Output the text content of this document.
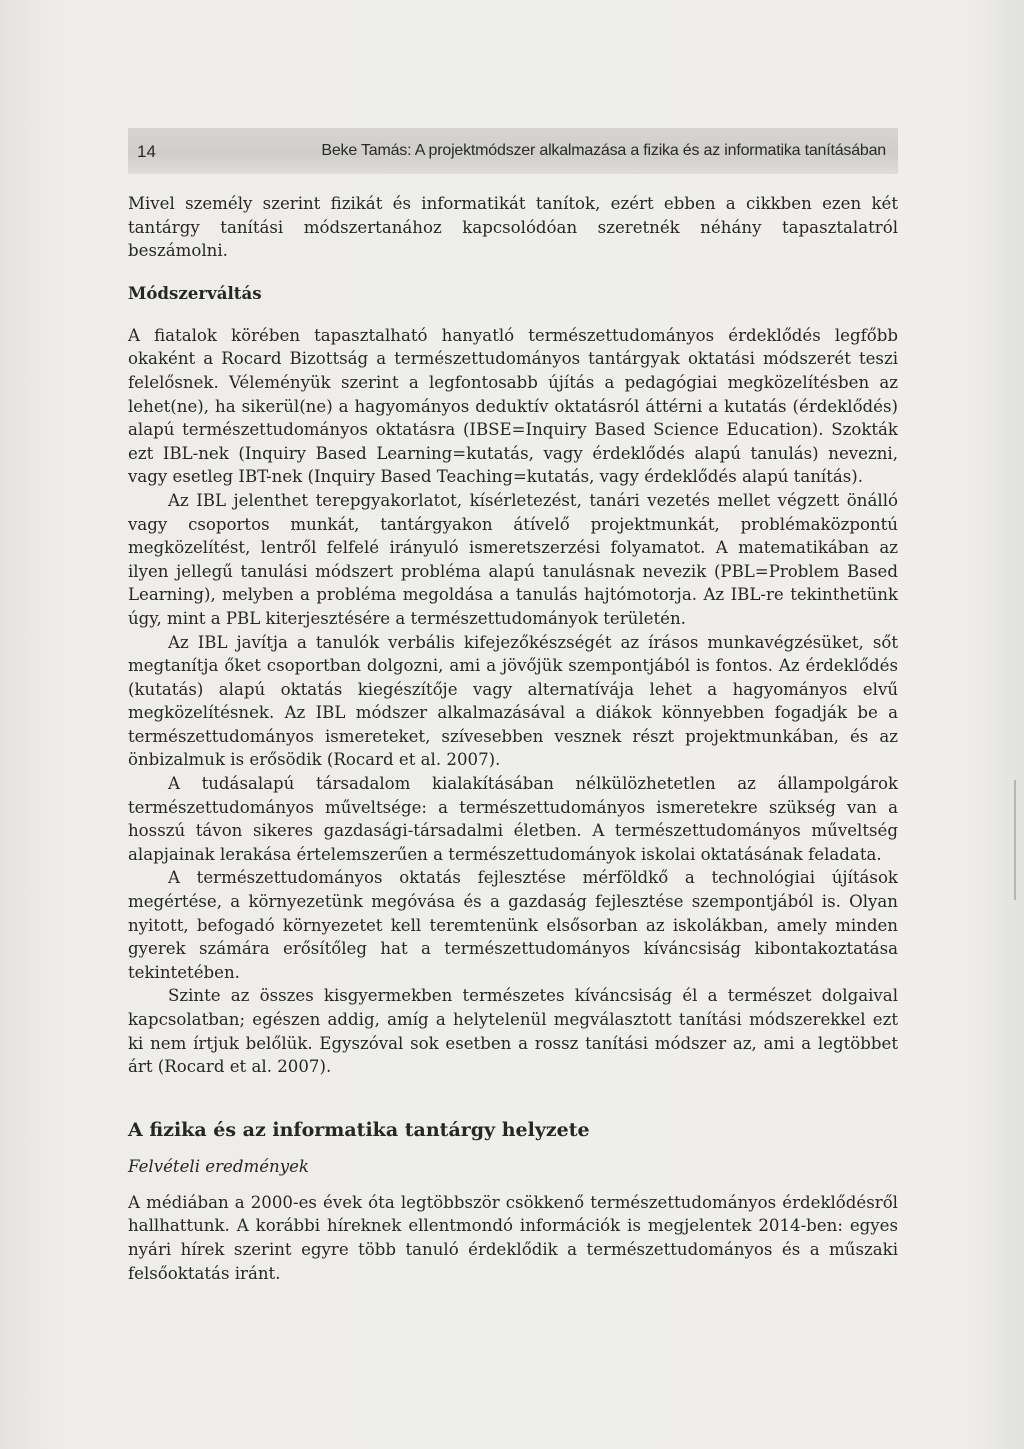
14	Beke Tamás: A projektmódszer alkalmazása a fizika és az informatika tanításában

Mivel személy szerint fizikát és informatikát tanítok, ezért ebben a cikkben ezen két tantárgy tanítási módszertanához kapcsolódóan szeretnék néhány tapasztalatról beszámolni.

Módszerváltás

A fiatalok körében tapasztalható hanyatló természettudományos érdeklődés legfőbb okaként a Rocard Bizottság a természettudományos tantárgyak oktatási módszerét teszi felelősnek. Véleményük szerint a legfontosabb újítás a pedagógiai megközelítésben az lehet(ne), ha sikerül(ne) a hagyományos deduktív oktatásról áttérni a kutatás (érdeklődés) alapú természettudományos oktatásra (IBSE=Inquiry Based Science Education). Szokták ezt IBL-nek (Inquiry Based Learning=kutatás, vagy érdeklődés alapú tanulás) nevezni, vagy esetleg IBT-nek (Inquiry Based Teaching=kutatás, vagy érdeklődés alapú tanítás).

Az IBL jelenthet terepgyakorlatot, kísérletezést, tanári vezetés mellet végzett önálló vagy csoportos munkát, tantárgyakon átívelő projektmunkát, problémaközpontú megközelítést, lentről felfelé irányuló ismeretszerzési folyamatot. A matematikában az ilyen jellegű tanulási módszert probléma alapú tanulásnak nevezik (PBL=Problem Based Learning), melyben a probléma megoldása a tanulás hajtómotorja. Az IBL-re tekinthetünk úgy, mint a PBL kiterjesztésére a természettudományok területén.

Az IBL javítja a tanulók verbális kifejezőkészségét az írásos munkavégzésüket, sőt megtanítja őket csoportban dolgozni, ami a jövőjük szempontjából is fontos. Az érdeklődés (kutatás) alapú oktatás kiegészítője vagy alternatívája lehet a hagyományos elvű megközelítésnek. Az IBL módszer alkalmazásával a diákok könnyebben fogadják be a természettudományos ismereteket, szívesebben vesznek részt projektmunkában, és az önbizalmuk is erősödik (Rocard et al. 2007).

A tudásalapú társadalom kialakításában nélkülözhetetlen az állampolgárok természettudományos műveltsége: a természettudományos ismeretekre szükség van a hosszú távon sikeres gazdasági-társadalmi életben. A természettudományos műveltség alapjainak lerakása értelemszerűen a természettudományok iskolai oktatásának feladata.

A természettudományos oktatás fejlesztése mérföldkő a technológiai újítások megértése, a környezetünk megóvása és a gazdaság fejlesztése szempontjából is. Olyan nyitott, befogadó környezetet kell teremtenünk elsősorban az iskolákban, amely minden gyerek számára erősítőleg hat a természettudományos kíváncsiság kibontakoztatása tekintetében.

Szinte az összes kisgyermekben természetes kíváncsiság él a természet dolgaival kapcsolatban; egészen addig, amíg a helytelenül megválasztott tanítási módszerekkel ezt ki nem írtjuk belőlük. Egyszóval sok esetben a rossz tanítási módszer az, ami a legtöbbet árt (Rocard et al. 2007).

A fizika és az informatika tantárgy helyzete
Felvételi eredmények

A médiában a 2000-es évek óta legtöbbször csökkenő természettudományos érdeklődésről hallhattunk. A korábbi híreknek ellentmondó információk is megjelentek 2014-ben: egyes nyári hírek szerint egyre több tanuló érdeklődik a természettudományos és a műszaki felsőoktatás iránt.
